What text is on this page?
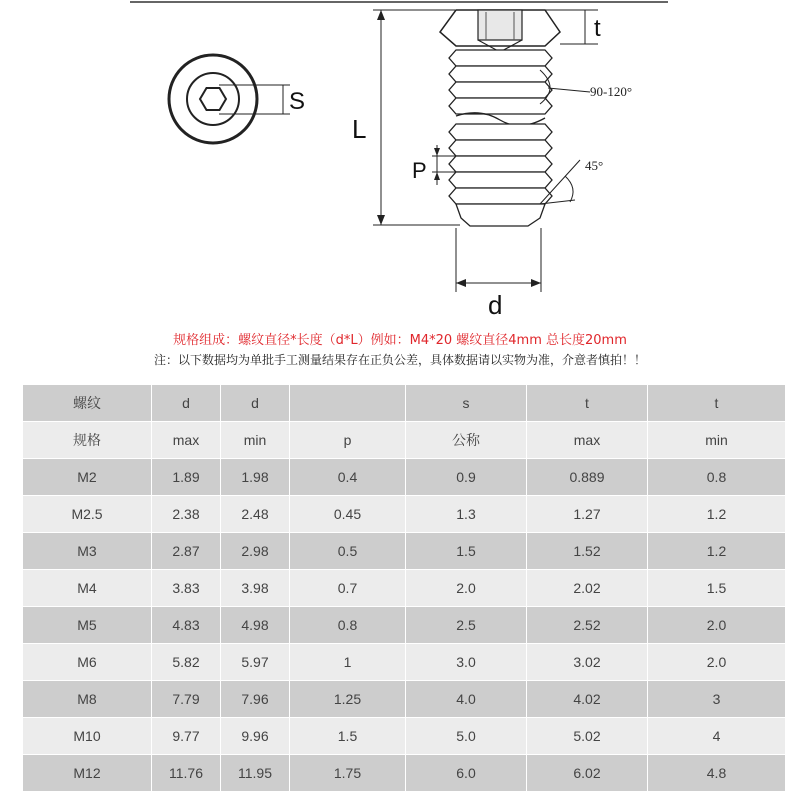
S
L
t
90-120°
45°
P
d
规格组成：螺纹直径*长度（d*L）例如：M4*20 螺纹直径4mm 总长度20mm
注：以下数据均为单批手工测量结果存在正负公差，具体数据请以实物为准，介意者慎拍！！
螺纹	d	d		s	t	t
规格	max	min	p	公称	max	min
M2	1.89	1.98	0.4	0.9	0.889	0.8
M2.5	2.38	2.48	0.45	1.3	1.27	1.2
M3	2.87	2.98	0.5	1.5	1.52	1.2
M4	3.83	3.98	0.7	2.0	2.02	1.5
M5	4.83	4.98	0.8	2.5	2.52	2.0
M6	5.82	5.97	1	3.0	3.02	2.0
M8	7.79	7.96	1.25	4.0	4.02	3
M10	9.77	9.96	1.5	5.0	5.02	4
M12	11.76	11.95	1.75	6.0	6.02	4.8
